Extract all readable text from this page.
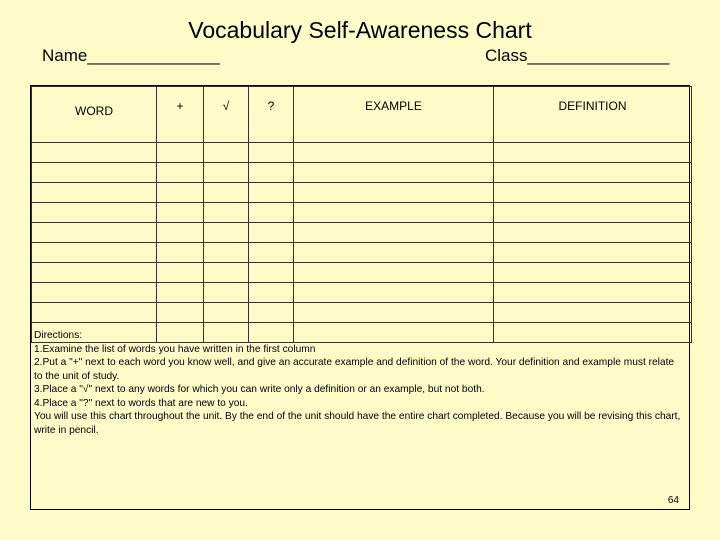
Vocabulary Self-Awareness Chart
Name______________	Class_______________
WORD	+	√	?	EXAMPLE	DEFINITION

Directions:
1.Examine the list of words you have written in the first column
2.Put a "+" next to each word you know well, and give an accurate example and definition of the word. Your definition and example must relate to the unit of study.
3.Place a "√" next to any words for which you can write only a definition or an example, but not both.
4.Place a "?" next to words that are new to you.
You will use this chart throughout the unit. By the end of the unit should have the entire chart completed. Because you will be revising this chart, write in pencil.
64
